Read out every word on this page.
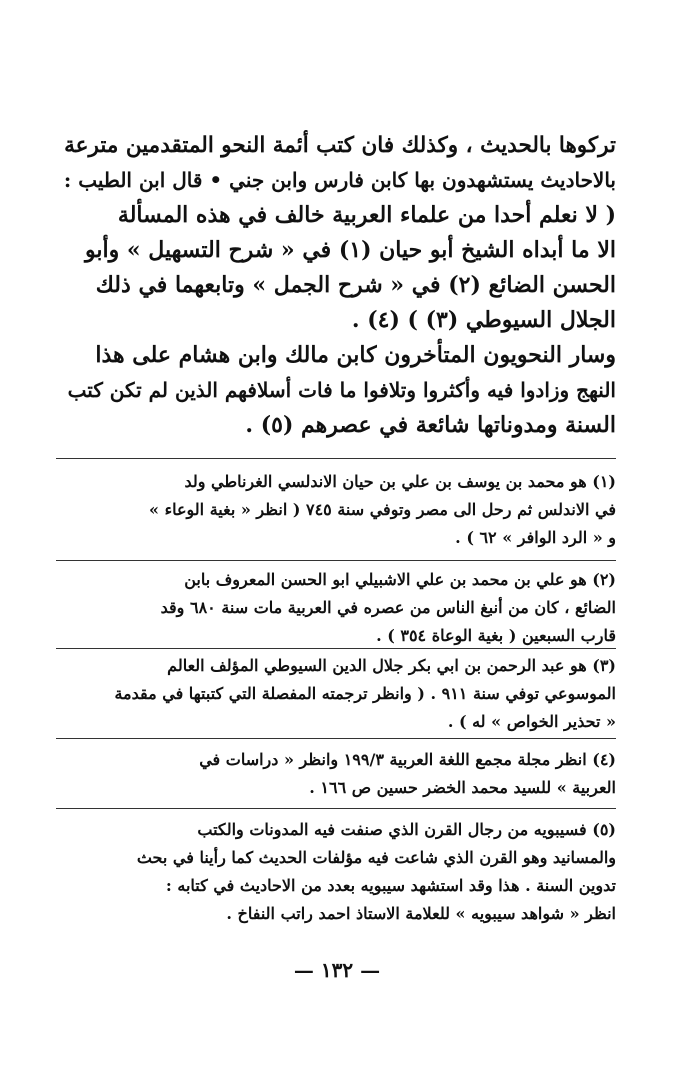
تركوها بالحديث ، وكذلك فان كتب أئمة النحو المتقدمين مترعة
بالاحاديث يستشهدون بها كابن فارس وابن جني • قال ابن الطيب :
( لا نعلم أحدا من علماء العربية خالف في هذه المسألة
الا ما أبداه الشيخ أبو حيان (١) في « شرح التسهيل » وأبو
الحسن الضائع (٢) في « شرح الجمل » وتابعهما في ذلك
الجلال السيوطي (٣) ) (٤) .
وسار النحويون المتأخرون كابن مالك وابن هشام على هذا
النهج وزادوا فيه وأكثروا وتلافوا ما فات أسلافهم الذين لم تكن كتب
السنة ومدوناتها شائعة في عصرهم (٥) .
(١) هو محمد بن يوسف بن علي بن حيان الاندلسي الغرناطي ولد
في الاندلس ثم رحل الى مصر وتوفي سنة ٧٤٥ ( انظر « بغية الوعاء »
و « الرد الوافر » ٦٢ ) .
(٢) هو علي بن محمد بن علي الاشبيلي ابو الحسن المعروف بابن
الضائع ، كان من أنبغ الناس من عصره في العربية مات سنة ٦٨٠ وقد
قارب السبعين ( بغية الوعاة ٣٥٤ ) .
(٣) هو عبد الرحمن بن ابي بكر جلال الدين السيوطي المؤلف العالم
الموسوعي توفي سنة ٩١١ . ( وانظر ترجمته المفصلة التي كتبتها في مقدمة
« تحذير الخواص » له ) .
(٤) انظر مجلة مجمع اللغة العربية ١٩٩/٣ وانظر « دراسات في
العربية » للسيد محمد الخضر حسين ص ١٦٦ .
(٥) فسيبويه من رجال القرن الذي صنفت فيه المدونات والكتب
والمسانيد وهو القرن الذي شاعت فيه مؤلفات الحديث كما رأينا في بحث
تدوين السنة . هذا وقد استشهد سيبويه بعدد من الاحاديث في كتابه :
انظر « شواهد سيبويه » للعلامة الاستاذ احمد راتب النفاخ .
— ١٣٢ —
